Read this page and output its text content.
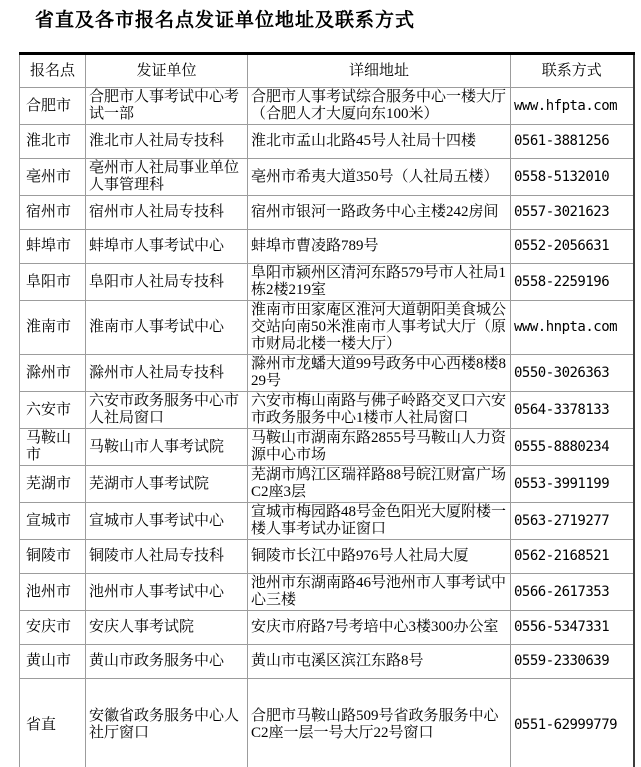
省直及各市报名点发证单位地址及联系方式
报名点	发证单位	详细地址	联系方式
合肥市	合肥市人事考试中心考试一部	合肥市人事考试综合服务中心一楼大厅（合肥人才大厦向东100米）	www.hfpta.com
淮北市	淮北市人社局专技科	淮北市孟山北路45号人社局十四楼	0561-3881256
亳州市	亳州市人社局事业单位人事管理科	亳州市希夷大道350号（人社局五楼）	0558-5132010
宿州市	宿州市人社局专技科	宿州市银河一路政务中心主楼242房间	0557-3021623
蚌埠市	蚌埠市人事考试中心	蚌埠市曹凌路789号	0552-2056631
阜阳市	阜阳市人社局专技科	阜阳市颍州区清河东路579号市人社局1栋2楼219室	0558-2259196
淮南市	淮南市人事考试中心	淮南市田家庵区淮河大道朝阳美食城公交站向南50米淮南市人事考试大厅（原市财局北楼一楼大厅）	www.hnpta.com
滁州市	滁州市人社局专技科	滁州市龙蟠大道99号政务中心西楼8楼829号	0550-3026363
六安市	六安市政务服务中心市人社局窗口	六安市梅山南路与佛子岭路交叉口六安市政务服务中心1楼市人社局窗口	0564-3378133
马鞍山市	马鞍山市人事考试院	马鞍山市湖南东路2855号马鞍山人力资源中心市场	0555-8880234
芜湖市	芜湖市人事考试院	芜湖市鸠江区瑞祥路88号皖江财富广场C2座3层	0553-3991199
宣城市	宣城市人事考试中心	宣城市梅园路48号金色阳光大厦附楼一楼人事考试办证窗口	0563-2719277
铜陵市	铜陵市人社局专技科	铜陵市长江中路976号人社局大厦	0562-2168521
池州市	池州市人事考试中心	池州市东湖南路46号池州市人事考试中心三楼	0566-2617353
安庆市	安庆人事考试院	安庆市府路7号考培中心3楼300办公室	0556-5347331
黄山市	黄山市政务服务中心	黄山市屯溪区滨江东路8号	0559-2330639
省直	安徽省政务服务中心人社厅窗口	合肥市马鞍山路509号省政务服务中心C2座一层一号大厅22号窗口	0551-62999779
